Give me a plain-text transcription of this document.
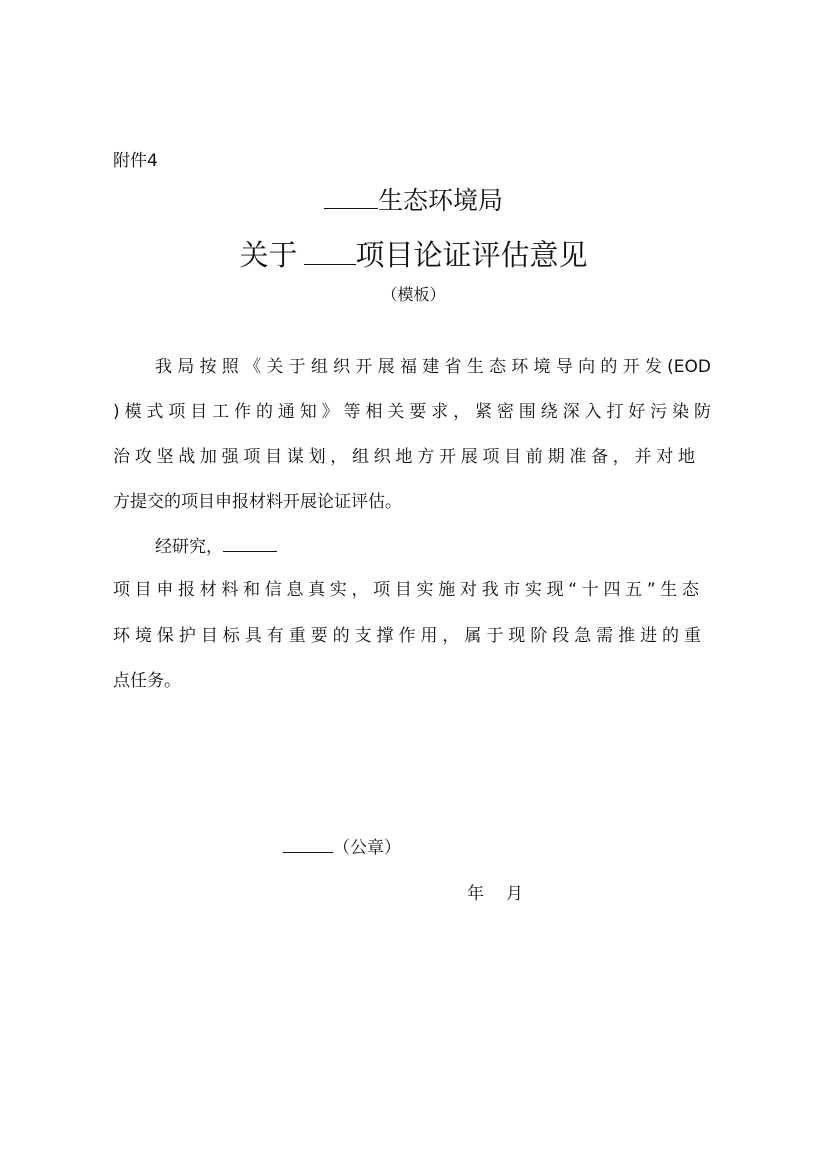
附件4
生态环境局
关于 项目论证评估意见
（模板）
我局按照《关于组织开展福建省生态环境导向的开发(EOD
)模式项目工作的通知》等相关要求，紧密围绕深入打好污染防
治攻坚战加强项目谋划，组织地方开展项目前期准备，并对地
方提交的项目申报材料开展论证评估。
经研究，
项目申报材料和信息真实，项目实施对我市实现“十四五”生态
环境保护目标具有重要的支撑作用，属于现阶段急需推进的重
点任务。
（公章）
年 月
